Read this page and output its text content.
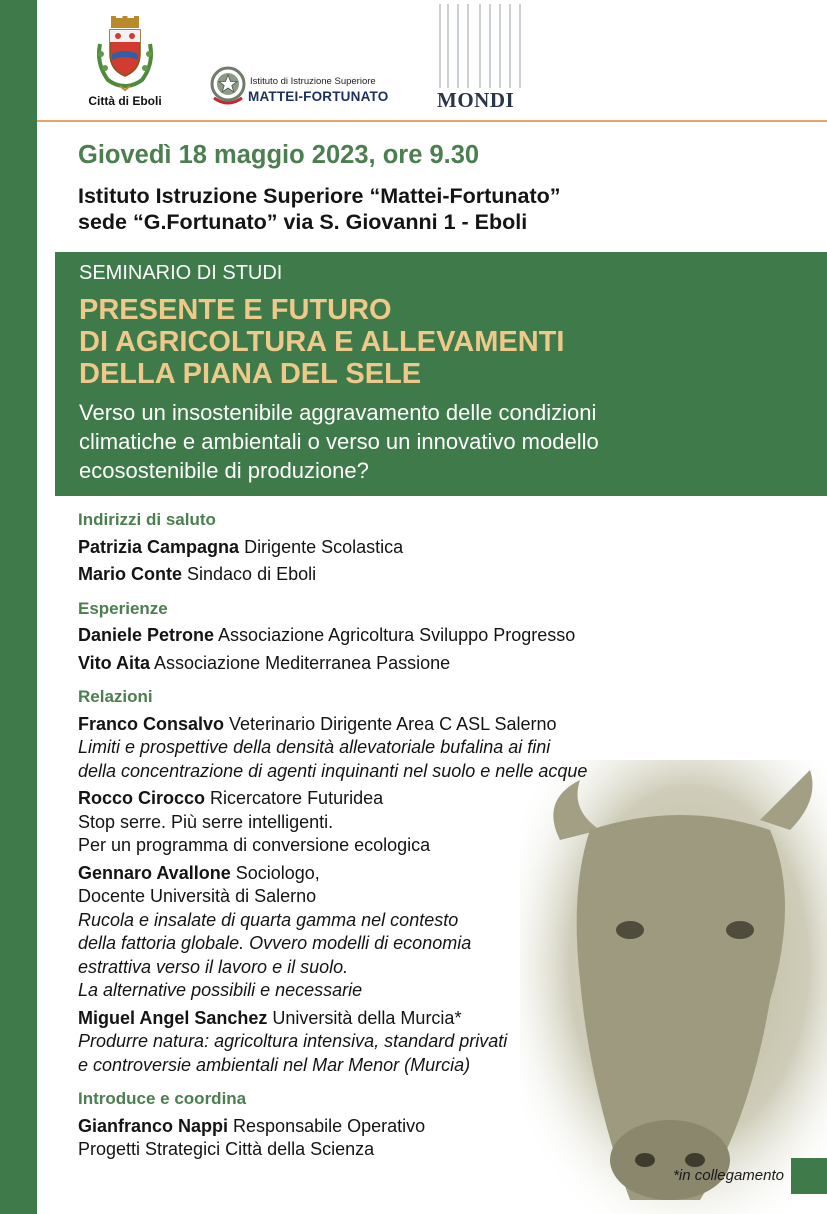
Città di Eboli
Istituto di Istruzione Superiore
MATTEI-FORTUNATO MONDI
Giovedì 18 maggio 2023, ore 9.30
Istituto Istruzione Superiore “Mattei-Fortunato”
sede “G.Fortunato” via S. Giovanni 1 - Eboli
SEMINARIO DI STUDI
PRESENTE E FUTURO
DI AGRICOLTURA E ALLEVAMENTI
DELLA PIANA DEL SELE
Verso un insostenibile aggravamento delle condizioni
climatiche e ambientali o verso un innovativo modello
ecosostenibile di produzione?
Indirizzi di saluto
Patrizia Campagna Dirigente Scolastica
Mario Conte Sindaco di Eboli
Esperienze
Daniele Petrone Associazione Agricoltura Sviluppo Progresso
Vito Aita Associazione Mediterranea Passione
Relazioni
Franco Consalvo Veterinario Dirigente Area C ASL Salerno
Limiti e prospettive della densità allevatoriale bufalina ai fini
della concentrazione di agenti inquinanti nel suolo e nelle acque
Rocco Cirocco Ricercatore Futuridea
Stop serre. Più serre intelligenti.
Per un programma di conversione ecologica
Gennaro Avallone Sociologo,
Docente Università di Salerno
Rucola e insalate di quarta gamma nel contesto
della fattoria globale. Ovvero modelli di economia
estrattiva verso il lavoro e il suolo.
La alternative possibili e necessarie
Miguel Angel Sanchez Università della Murcia*
Produrre natura: agricoltura intensiva, standard privati
e controversie ambientali nel Mar Menor (Murcia)
Introduce e coordina
Gianfranco Nappi Responsabile Operativo
Progetti Strategici Città della Scienza
*in collegamento
